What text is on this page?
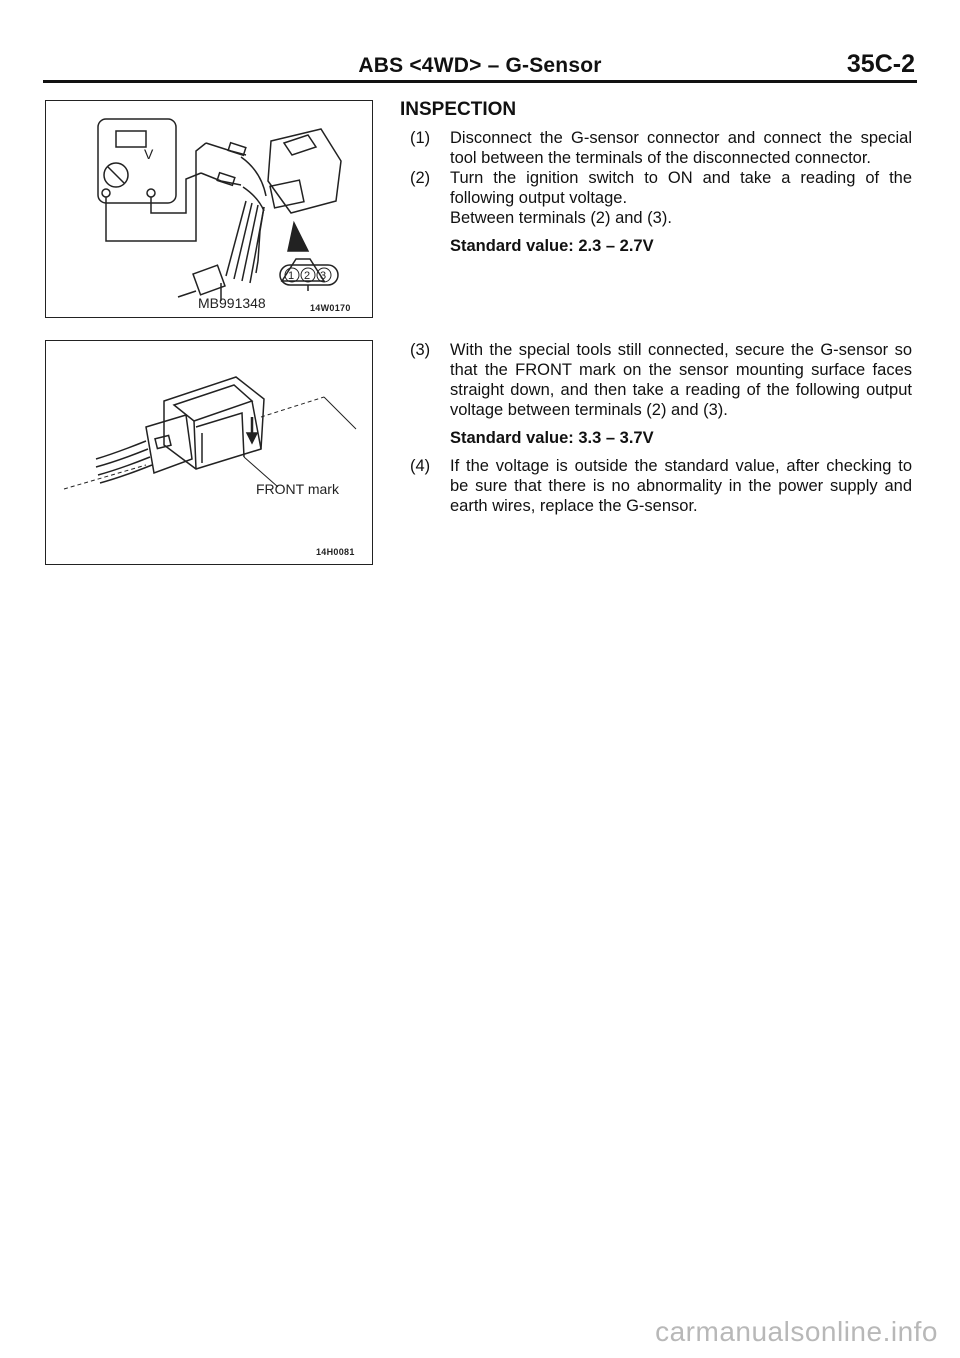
ABS <4WD> – G-Sensor	35C-2
V
1 2 3
MB991348	14W0170
FRONT mark
14H0081
INSPECTION
(1) Disconnect the G-sensor connector and connect the special tool between the terminals of the disconnected connector.
(2) Turn the ignition switch to ON and take a reading of the following output voltage.
Between terminals (2) and (3).
Standard value: 2.3 – 2.7V
(3) With the special tools still connected, secure the G-sensor so that the FRONT mark on the sensor mounting surface faces straight down, and then take a reading of the following output voltage between terminals (2) and (3).
Standard value: 3.3 – 3.7V
(4) If the voltage is outside the standard value, after checking to be sure that there is no abnormality in the power supply and earth wires, replace the G-sensor.
carmanualsonline.info
